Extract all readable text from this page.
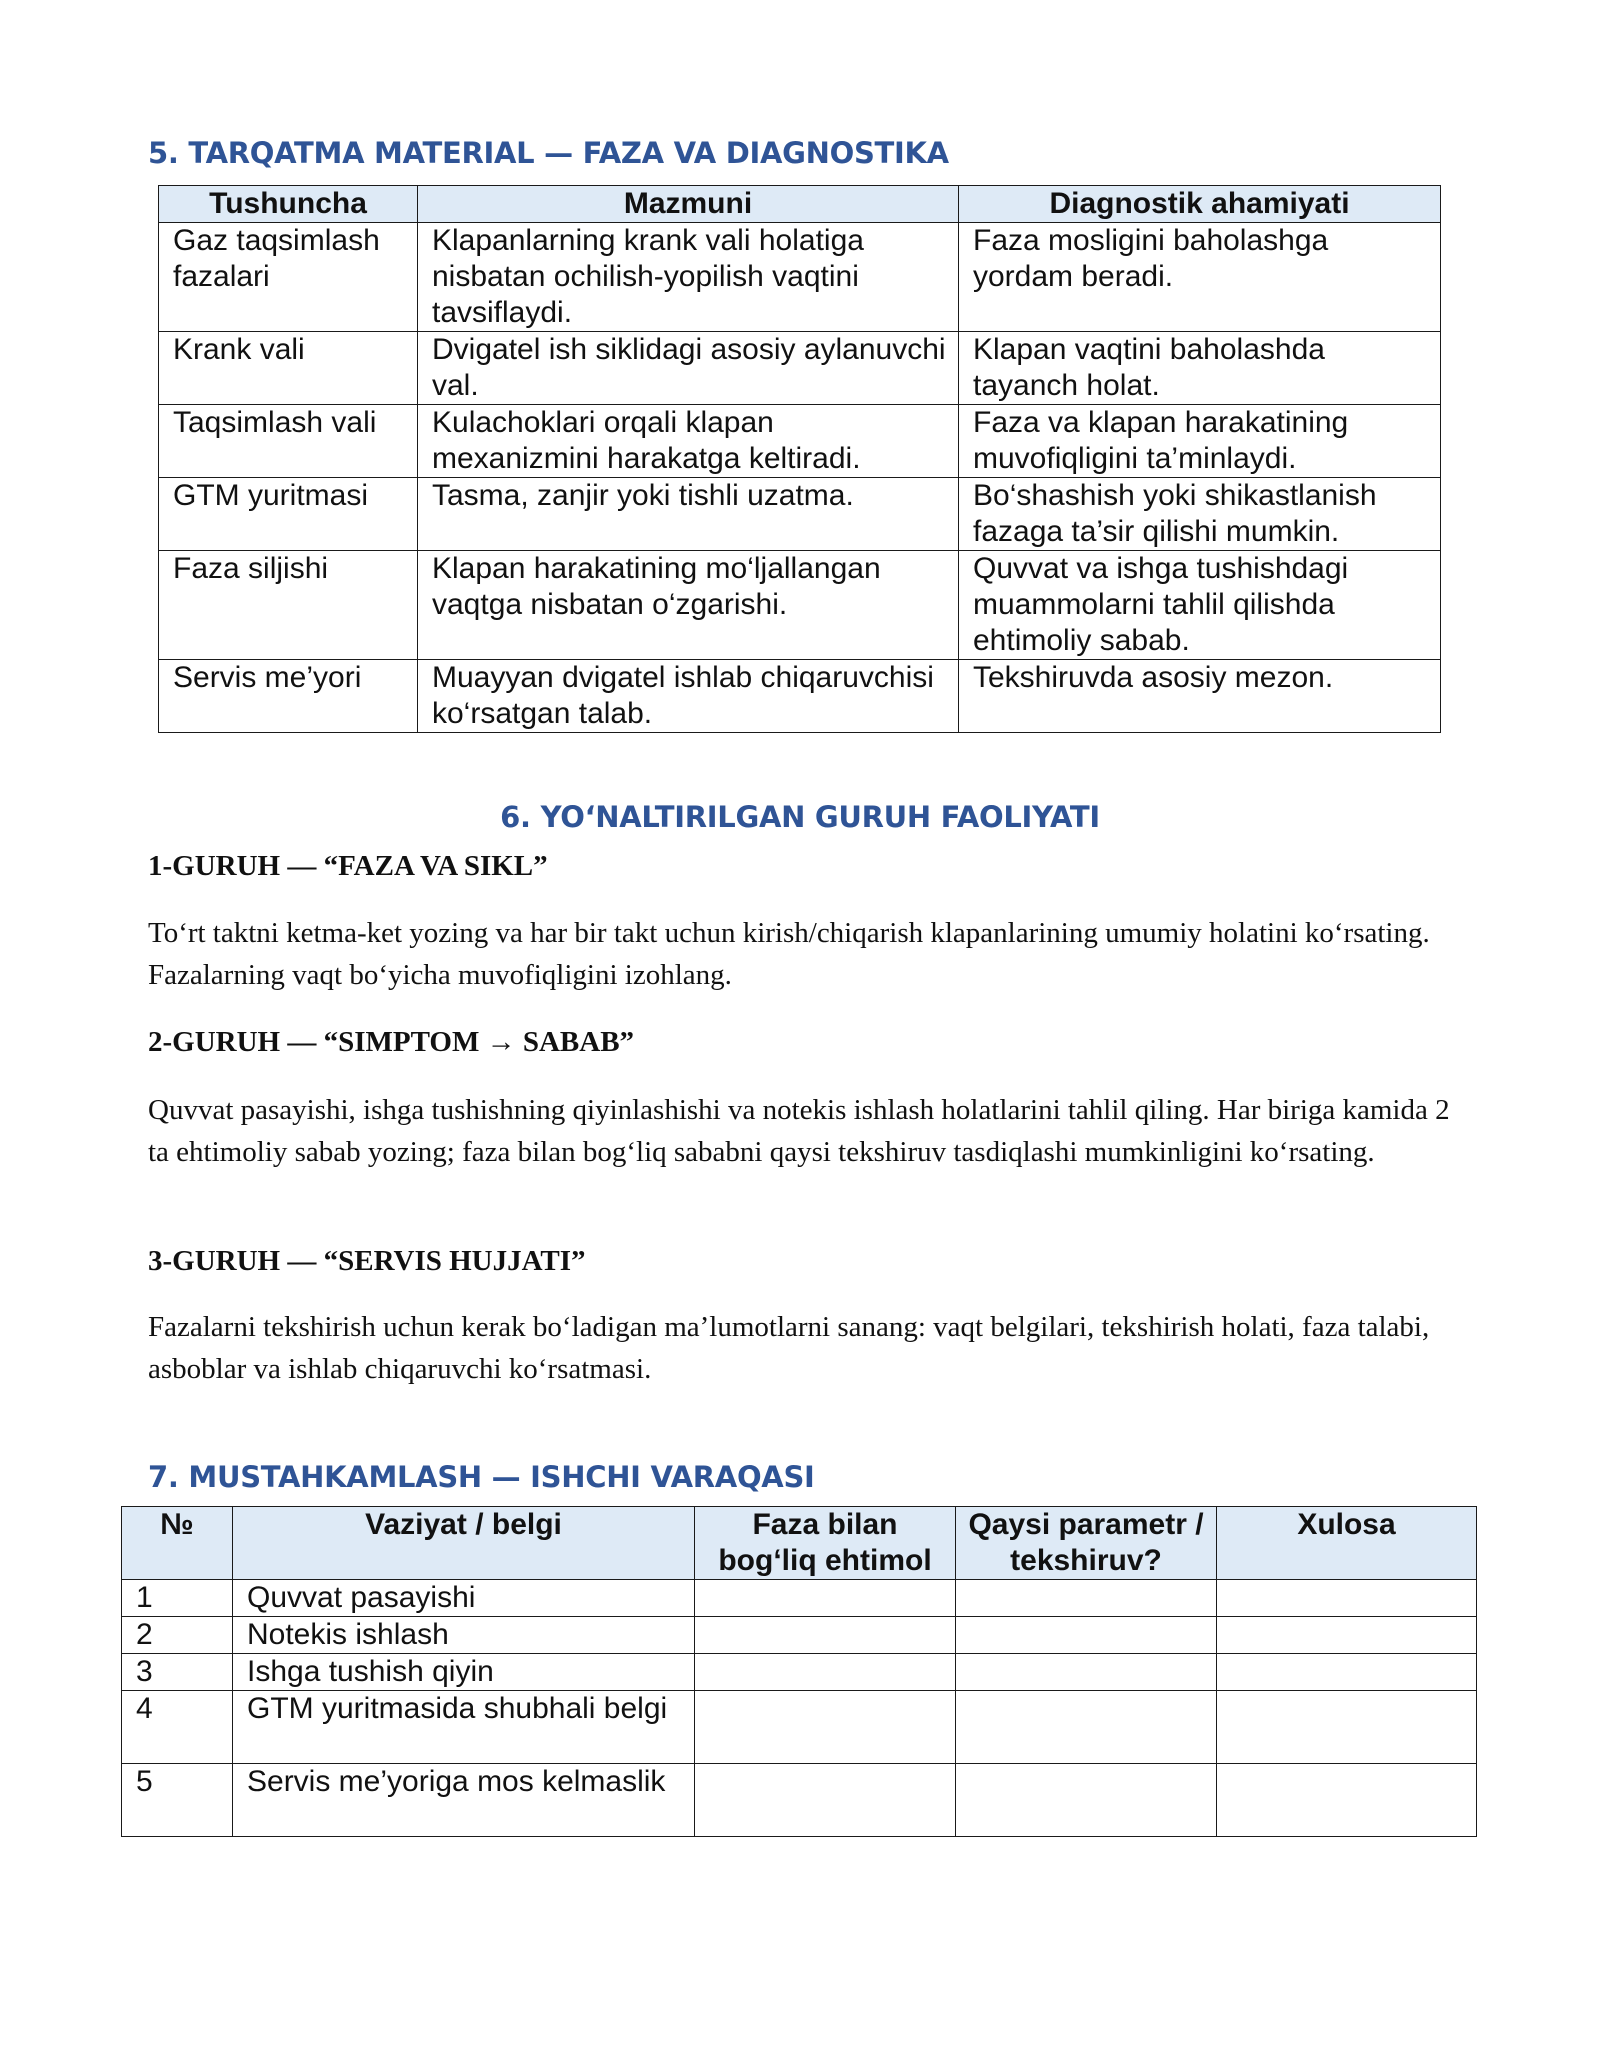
5. TARQATMA MATERIAL — FAZA VA DIAGNOSTIKA
Tushuncha	Mazmuni	Diagnostik ahamiyati
Gaz taqsimlash fazalari	Klapanlarning krank vali holatiga nisbatan ochilish-yopilish vaqtini tavsiflaydi.	Faza mosligini baholashga yordam beradi.
Krank vali	Dvigatel ish siklidagi asosiy aylanuvchi val.	Klapan vaqtini baholashda tayanch holat.
Taqsimlash vali	Kulachoklari orqali klapan mexanizmini harakatga keltiradi.	Faza va klapan harakatining muvofiqligini ta’minlaydi.
GTM yuritmasi	Tasma, zanjir yoki tishli uzatma.	Bo‘shashish yoki shikastlanish fazaga ta’sir qilishi mumkin.
Faza siljishi	Klapan harakatining mo‘ljallangan vaqtga nisbatan o‘zgarishi.	Quvvat va ishga tushishdagi muammolarni tahlil qilishda ehtimoliy sabab.
Servis me’yori	Muayyan dvigatel ishlab chiqaruvchisi ko‘rsatgan talab.	Tekshiruvda asosiy mezon.
6. YO‘NALTIRILGAN GURUH FAOLIYATI

1-GURUH — “FAZA VA SIKL”

To‘rt taktni ketma-ket yozing va har bir takt uchun kirish/chiqarish klapanlarining umumiy holatini ko‘rsating. Fazalarning vaqt bo‘yicha muvofiqligini izohlang.

2-GURUH — “SIMPTOM → SABAB”

Quvvat pasayishi, ishga tushishning qiyinlashishi va notekis ishlash holatlarini tahlil qiling. Har biriga kamida 2 ta ehtimoliy sabab yozing; faza bilan bog‘liq sababni qaysi tekshiruv tasdiqlashi mumkinligini ko‘rsating.

3-GURUH — “SERVIS HUJJATI”

Fazalarni tekshirish uchun kerak bo‘ladigan ma’lumotlarni sanang: vaqt belgilari, tekshirish holati, faza talabi, asboblar va ishlab chiqaruvchi ko‘rsatmasi.

7. MUSTAHKAMLASH — ISHCHI VARAQASI
№	Vaziyat / belgi	Faza bilan bog‘liq ehtimol	Qaysi parametr / tekshiruv?	Xulosa
1	Quvvat pasayishi			
2	Notekis ishlash			
3	Ishga tushish qiyin			
4	GTM yuritmasida shubhali belgi			
5	Servis me’yoriga mos kelmaslik			
